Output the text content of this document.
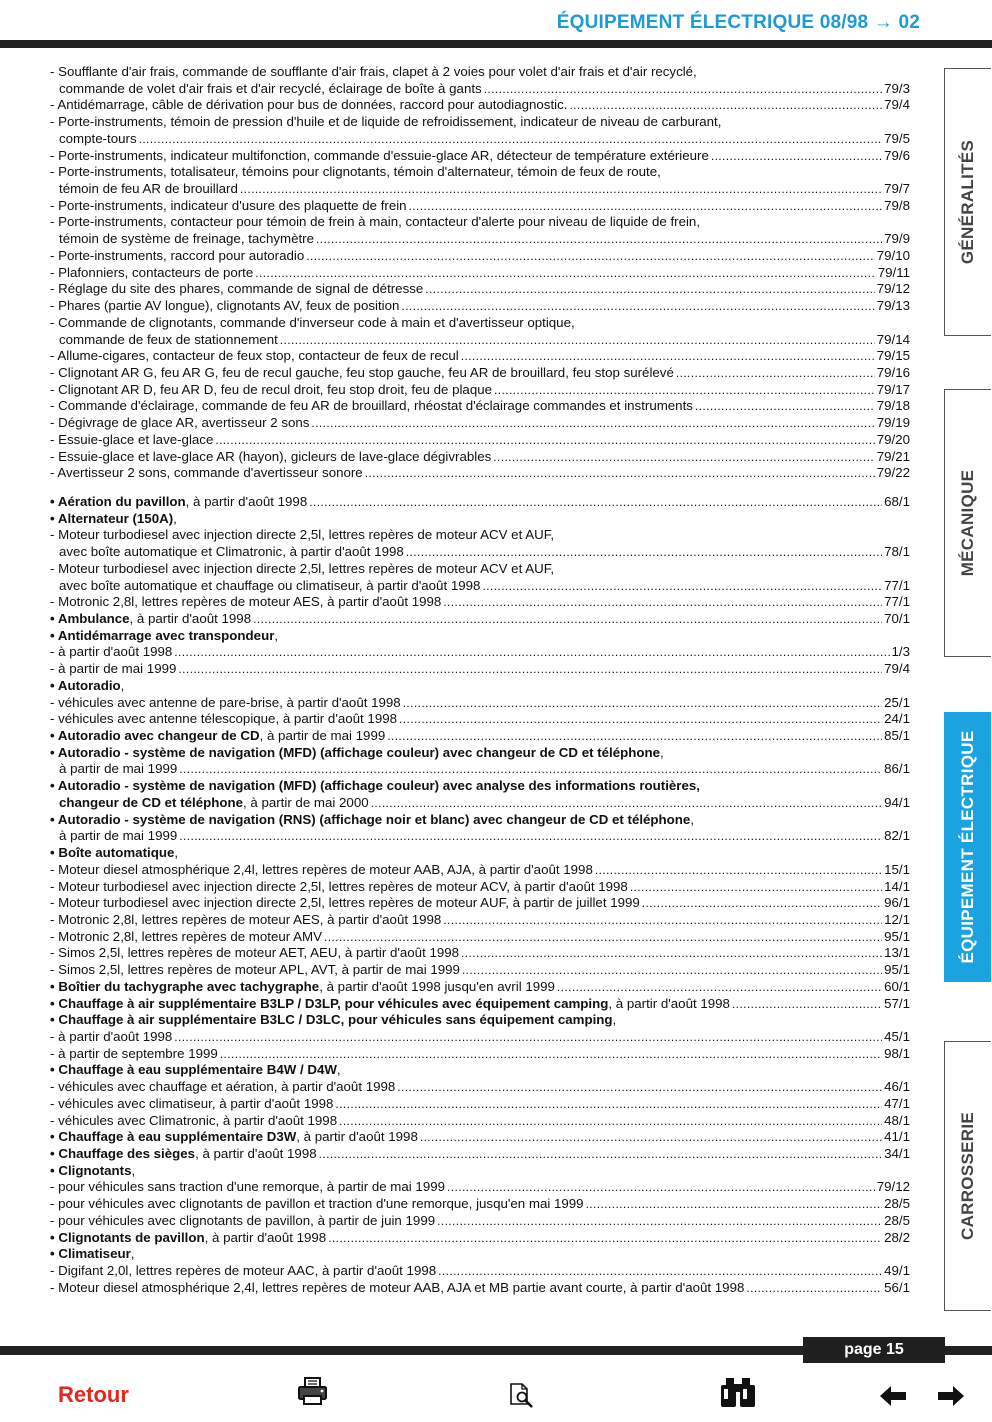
ÉQUIPEMENT ÉLECTRIQUE 08/98 → 02
GÉNÉRALITÉS
MÉCANIQUE
ÉQUIPEMENT ÉLECTRIQUE
CARROSSERIE
- Soufflante d'air frais, commande de soufflante d'air frais, clapet à 2 voies pour volet d'air frais et d'air recyclé,
commande de volet d'air frais et d'air recyclé, éclairage de boîte à gants .....	79/3
- Antidémarrage, câble de dérivation pour bus de données, raccord pour autodiagnostic. .....	79/4
- Porte-instruments, témoin de pression d'huile et de liquide de refroidissement, indicateur de niveau de carburant,
compte-tours .....	79/5
- Porte-instruments, indicateur multifonction, commande d'essuie-glace AR, détecteur de température extérieure .....	79/6
- Porte-instruments, totalisateur, témoins pour clignotants, témoin d'alternateur, témoin de feux de route,
témoin de feu AR de brouillard .....	79/7
- Porte-instruments, indicateur d'usure des plaquette de frein .....	79/8
- Porte-instruments, contacteur pour témoin de frein à main, contacteur d'alerte pour niveau de liquide de frein,
témoin de système de freinage, tachymètre .....	79/9
- Porte-instruments, raccord pour autoradio .....	79/10
- Plafonniers, contacteurs de porte .....	79/11
- Réglage du site des phares, commande de signal de détresse .....	79/12
- Phares (partie AV longue), clignotants AV, feux de position .....	79/13
- Commande de clignotants, commande d'inverseur code à main et d'avertisseur optique,
commande de feux de stationnement .....	79/14
- Allume-cigares, contacteur de feux stop, contacteur de feux de recul .....	79/15
- Clignotant AR G, feu AR G, feu de recul gauche, feu stop gauche, feu AR de brouillard, feu stop surélevé .....	79/16
- Clignotant AR D, feu AR D, feu de recul droit, feu stop droit, feu de plaque .....	79/17
- Commande d'éclairage, commande de feu AR de brouillard, rhéostat d'éclairage commandes et instruments .....	79/18
- Dégivrage de glace AR, avertisseur 2 sons .....	79/19
- Essuie-glace et lave-glace .....	79/20
- Essuie-glace et lave-glace AR (hayon), gicleurs de lave-glace dégivrables .....	79/21
- Avertisseur 2 sons, commande d'avertisseur sonore .....	79/22
• Aération du pavillon, à partir d'août 1998 .....	68/1
• Alternateur (150A),
- Moteur turbodiesel avec injection directe 2,5l, lettres repères de moteur ACV et AUF,
avec boîte automatique et Climatronic, à partir d'août 1998 .....	78/1
- Moteur turbodiesel avec injection directe 2,5l, lettres repères de moteur ACV et AUF,
avec boîte automatique et chauffage ou climatiseur, à partir d'août 1998 .....	77/1
- Motronic 2,8l, lettres repères de moteur AES, à partir d'août 1998 .....	77/1
• Ambulance, à partir d'août 1998 .....	70/1
• Antidémarrage avec transpondeur,
- à partir d'août 1998 .....	1/3
- à partir de mai 1999 .....	79/4
• Autoradio,
- véhicules avec antenne de pare-brise, à partir d'août 1998 .....	25/1
- véhicules avec antenne télescopique, à partir d'août 1998 .....	24/1
• Autoradio avec changeur de CD, à partir de mai 1999 .....	85/1
• Autoradio - système de navigation (MFD) (affichage couleur) avec changeur de CD et téléphone,
à partir de mai 1999 .....	86/1
• Autoradio - système de navigation (MFD) (affichage couleur) avec analyse des informations routières,
changeur de CD et téléphone, à partir de mai 2000 .....	94/1
• Autoradio - système de navigation (RNS) (affichage noir et blanc) avec changeur de CD et téléphone,
à partir de mai 1999 .....	82/1
• Boîte automatique,
- Moteur diesel atmosphérique 2,4l, lettres repères de moteur AAB, AJA, à partir d'août 1998 .....	15/1
- Moteur turbodiesel avec injection directe 2,5l, lettres repères de moteur ACV, à partir d'août 1998 .....	14/1
- Moteur turbodiesel avec injection directe 2,5l, lettres repères de moteur AUF, à partir de juillet 1999 .....	96/1
- Motronic 2,8l, lettres repères de moteur AES, à partir d'août 1998 .....	12/1
- Motronic 2,8l, lettres repères de moteur AMV .....	95/1
- Simos 2,5l, lettres repères de moteur AET, AEU, à partir d'août 1998 .....	13/1
- Simos 2,5l, lettres repères de moteur APL, AVT, à partir de mai 1999 .....	95/1
• Boîtier du tachygraphe avec tachygraphe, à partir d'août 1998 jusqu'en avril 1999 .....	60/1
• Chauffage à air supplémentaire B3LP / D3LP, pour véhicules avec équipement camping, à partir d'août 1998 .....	57/1
• Chauffage à air supplémentaire B3LC / D3LC, pour véhicules sans équipement camping,
- à partir d'août 1998 .....	45/1
- à partir de septembre 1999 .....	98/1
• Chauffage à eau supplémentaire B4W / D4W,
- véhicules avec chauffage et aération, à partir d'août 1998 .....	46/1
- véhicules avec climatiseur, à partir d'août 1998 .....	47/1
- véhicules avec Climatronic, à partir d'août 1998 .....	48/1
• Chauffage à eau supplémentaire D3W, à partir d'août 1998 .....	41/1
• Chauffage des sièges, à partir d'août 1998 .....	34/1
• Clignotants,
- pour véhicules sans traction d'une remorque, à partir de mai 1999 .....	79/12
- pour véhicules avec clignotants de pavillon et traction d'une remorque, jusqu'en mai 1999 .....	28/5
- pour véhicules avec clignotants de pavillon, à partir de juin 1999 .....	28/5
• Clignotants de pavillon, à partir d'août 1998 .....	28/2
• Climatiseur,
- Digifant 2,0l, lettres repères de moteur AAC, à partir d'août 1998 .....	49/1
- Moteur diesel atmosphérique 2,4l, lettres repères de moteur AAB, AJA et MB partie avant courte, à partir d'août 1998 .....	56/1
page 15
Retour
